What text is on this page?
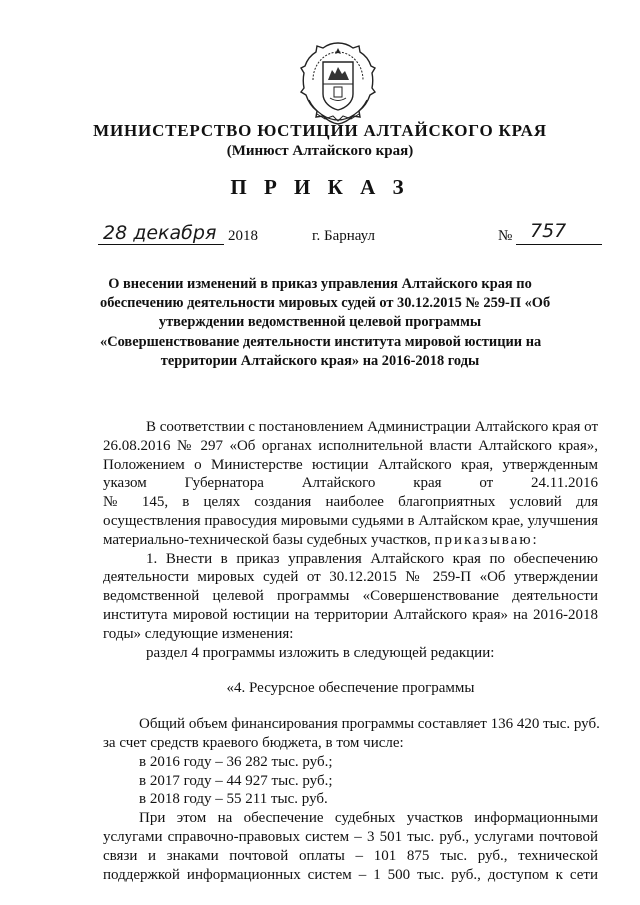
МИНИСТЕРСТВО ЮСТИЦИИ АЛТАЙСКОГО КРАЯ
(Минюст Алтайского края)
П Р И К А З
28 декабря 2018	г. Барнаул	№ 757
О внесении изменений в приказ управления Алтайского края по
обеспечению деятельности мировых судей от 30.12.2015 № 259-П «Об
утверждении ведомственной целевой программы
«Совершенствование деятельности института мировой юстиции на
территории Алтайского края» на 2016-2018 годы
В соответствии с постановлением Администрации Алтайского края от
26.08.2016 № 297 «Об органах исполнительной власти Алтайского края»,
Положением о Министерстве юстиции Алтайского края, утвержденным
указом Губернатора Алтайского края от 24.11.2016
№ 145, в целях создания наиболее благоприятных условий для
осуществления правосудия мировыми судьями в Алтайском крае, улучшения
материально-технической базы судебных участков, приказываю:
1. Внести в приказ управления Алтайского края по обеспечению
деятельности мировых судей от 30.12.2015 № 259-П «Об утверждении
ведомственной целевой программы «Совершенствование деятельности
института мировой юстиции на территории Алтайского края» на 2016-2018
годы» следующие изменения:
раздел 4 программы изложить в следующей редакции:
«4. Ресурсное обеспечение программы
Общий объем финансирования программы составляет 136 420 тыс. руб.
за счет средств краевого бюджета, в том числе:
в 2016 году – 36 282 тыс. руб.;
в 2017 году – 44 927 тыс. руб.;
в 2018 году – 55 211 тыс. руб.
При этом на обеспечение судебных участков информационными
услугами справочно-правовых систем – 3 501 тыс. руб., услугами почтовой
связи и знаками почтовой оплаты – 101 875 тыс. руб., технической
поддержкой информационных систем – 1 500 тыс. руб., доступом к сети
